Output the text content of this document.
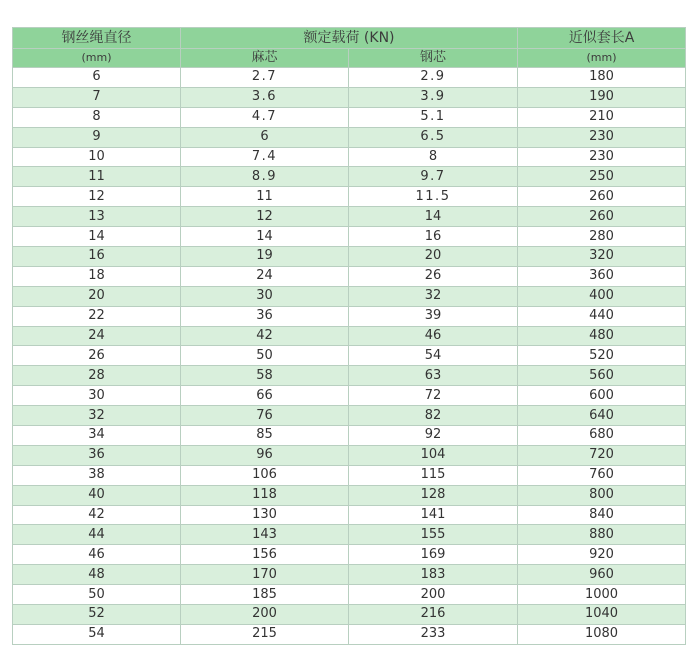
钢丝绳直径	额定载荷 (KN)		近似套长A
(mm)	麻芯	钢芯	(mm)
6	2.7	2.9	180
7	3.6	3.9	190
8	4.7	5.1	210
9	6	6.5	230
10	7.4	8	230
11	8.9	9.7	250
12	11	11.5	260
13	12	14	260
14	14	16	280
16	19	20	320
18	24	26	360
20	30	32	400
22	36	39	440
24	42	46	480
26	50	54	520
28	58	63	560
30	66	72	600
32	76	82	640
34	85	92	680
36	96	104	720
38	106	115	760
40	118	128	800
42	130	141	840
44	143	155	880
46	156	169	920
48	170	183	960
50	185	200	1000
52	200	216	1040
54	215	233	1080
